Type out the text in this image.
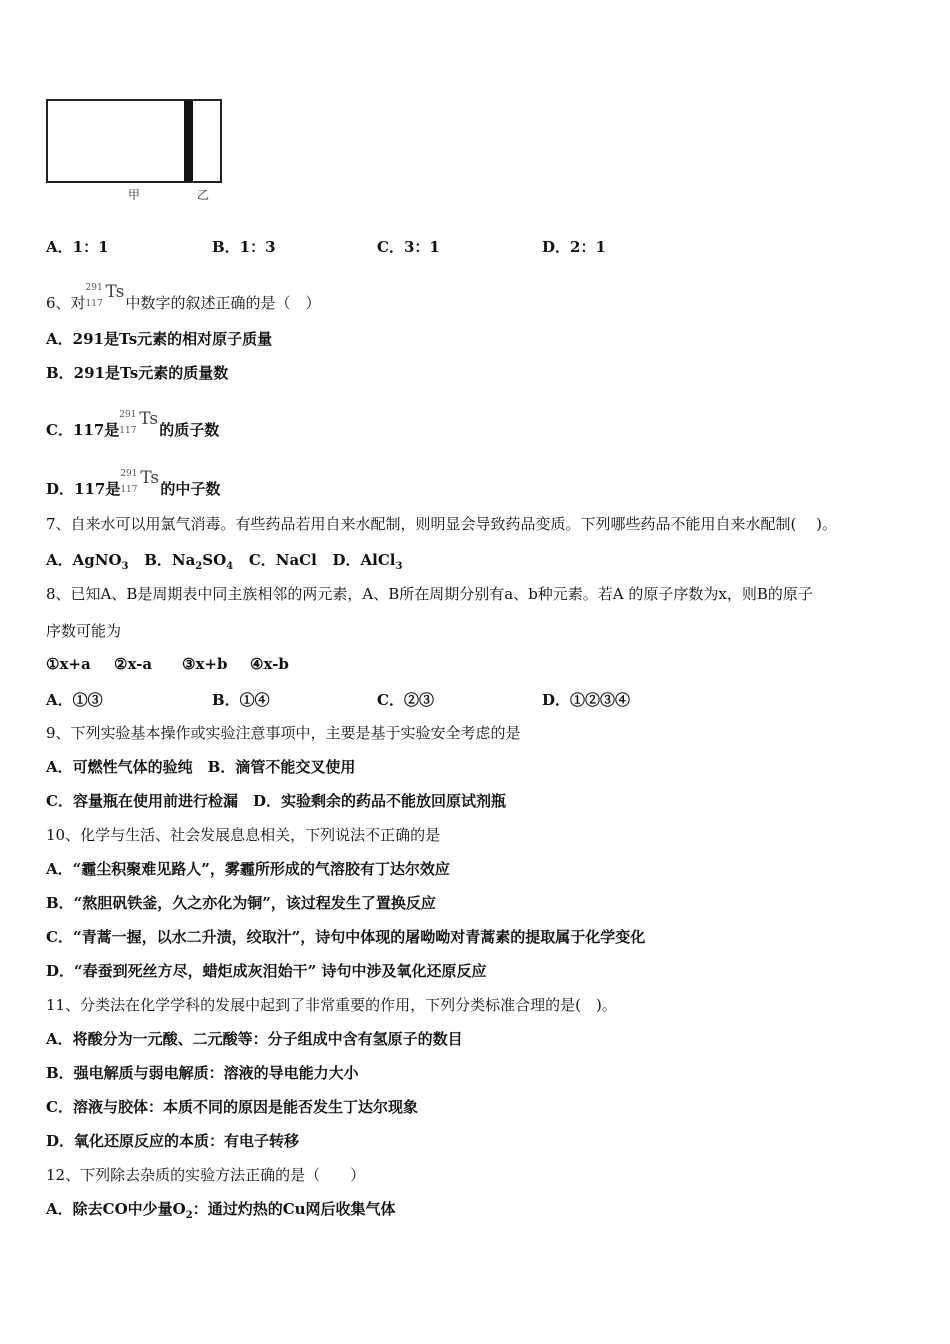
甲	乙
A．1：1	B．1：3	C．3：1	D．2：1
6、对
291
117
Ts
中数字的叙述正确的是（　）
A．291是Ts元素的相对原子质量
B．291是Ts元素的质量数
C．117是
291
117
Ts
的质子数
D．117是
291
117
Ts
的中子数
7、自来水可以用氯气消毒。有些药品若用自来水配制，则明显会导致药品变质。下列哪些药品不能用自来水配制(　 )。
A．AgNO$_3$ B．$Na_2SO_4$ C．NaCl D．AlCl$_3$
8、已知A、B是周期表中同主族相邻的两元素，A、B所在周期分别有a、b种元素。若A 的原子序数为x，则B的原子
序数可能为
①x+a ②x-a ③x+b ④x-b
A．①③	B．①④	C．②③	D．①②③④
9、下列实验基本操作或实验注意事项中，主要是基于实验安全考虑的是
A．可燃性气体的验纯　B．滴管不能交叉使用
C．容量瓶在使用前进行检漏　D．实验剩余的药品不能放回原试剂瓶
10、化学与生活、社会发展息息相关，下列说法不正确的是
A．“霾尘积聚难见路人”，雾霾所形成的气溶胶有丁达尔效应
B．“熬胆矾铁釜，久之亦化为铜”，该过程发生了置换反应
C．“青蒿一握，以水二升渍，绞取汁”，诗句中体现的屠呦呦对青蒿素的提取属于化学变化
D．“春蚕到死丝方尽，蜡炬成灰泪始干” 诗句中涉及氧化还原反应
11、分类法在化学学科的发展中起到了非常重要的作用，下列分类标准合理的是(　)。
A．将酸分为一元酸、二元酸等：分子组成中含有氢原子的数目
B．强电解质与弱电解质：溶液的导电能力大小
C．溶液与胶体：本质不同的原因是能否发生丁达尔现象
D．氧化还原反应的本质：有电子转移
12、下列除去杂质的实验方法正确的是（　　）
A．除去CO中少量$O_2$：通过灼热的Cu网后收集气体
